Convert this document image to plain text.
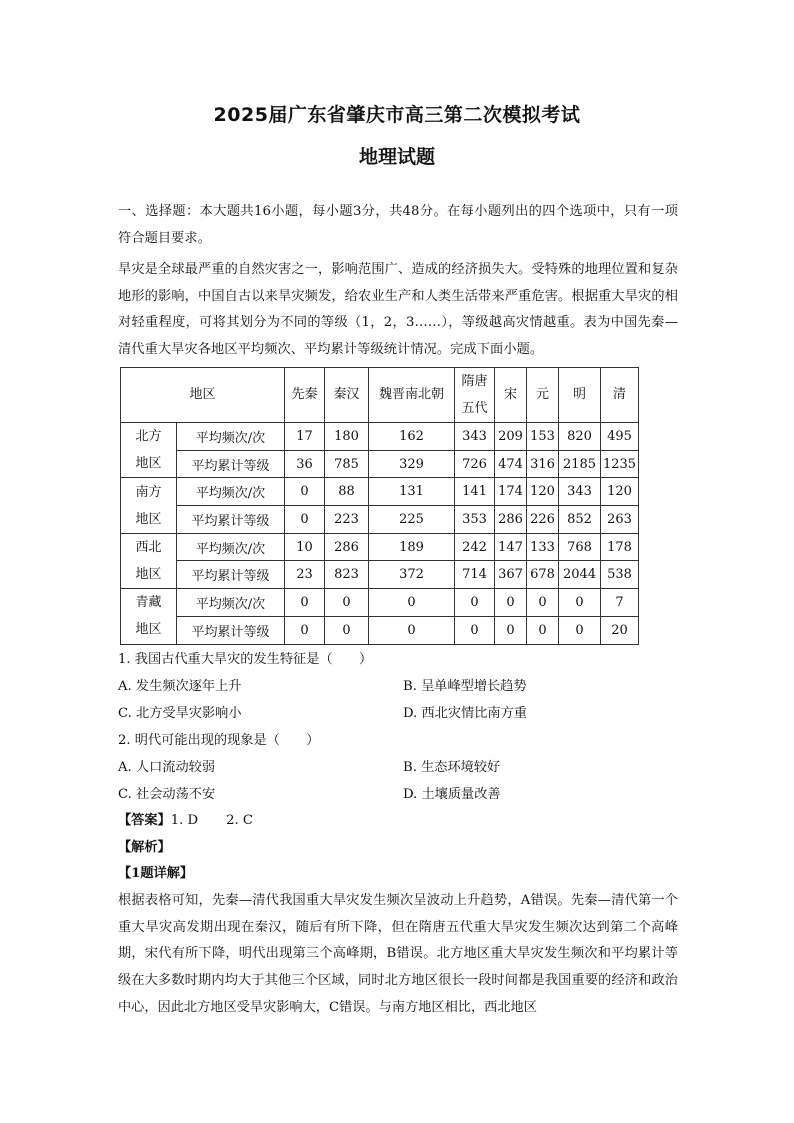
2025届广东省肇庆市高三第二次模拟考试
地理试题
一、选择题：本大题共16小题，每小题3分，共48分。在每小题列出的四个选项中，只有一项符合题目要求。
旱灾是全球最严重的自然灾害之一，影响范围广、造成的经济损失大。受特殊的地理位置和复杂地形的影响，中国自古以来旱灾频发，给农业生产和人类生活带来严重危害。根据重大旱灾的相对轻重程度，可将其划分为不同的等级（1，2，3……），等级越高灾情越重。表为中国先秦—清代重大旱灾各地区平均频次、平均累计等级统计情况。完成下面小题。
地区		先秦	秦汉	魏晋南北朝	隋唐五代	宋	元	明	清
北方地区	平均频次/次	17	180	162	343	209	153	820	495
	平均累计等级	36	785	329	726	474	316	2185	1235
南方地区	平均频次/次	0	88	131	141	174	120	343	120
	平均累计等级	0	223	225	353	286	226	852	263
西北地区	平均频次/次	10	286	189	242	147	133	768	178
	平均累计等级	23	823	372	714	367	678	2044	538
青藏地区	平均频次/次	0	0	0	0	0	0	0	7
	平均累计等级	0	0	0	0	0	0	0	20
1. 我国古代重大旱灾的发生特征是（　　）
A. 发生频次逐年上升	B. 呈单峰型增长趋势
C. 北方受旱灾影响小	D. 西北灾情比南方重
2. 明代可能出现的现象是（　　）
A. 人口流动较弱	B. 生态环境较好
C. 社会动荡不安	D. 土壤质量改善
【答案】1. D 2. C
【解析】
【1题详解】
根据表格可知，先秦—清代我国重大旱灾发生频次呈波动上升趋势，A错误。先秦—清代第一个重大旱灾高发期出现在秦汉，随后有所下降，但在隋唐五代重大旱灾发生频次达到第二个高峰期，宋代有所下降，明代出现第三个高峰期，B错误。北方地区重大旱灾发生频次和平均累计等级在大多数时期内均大于其他三个区域，同时北方地区很长一段时间都是我国重要的经济和政治中心，因此北方地区受旱灾影响大，C错误。与南方地区相比，西北地区
